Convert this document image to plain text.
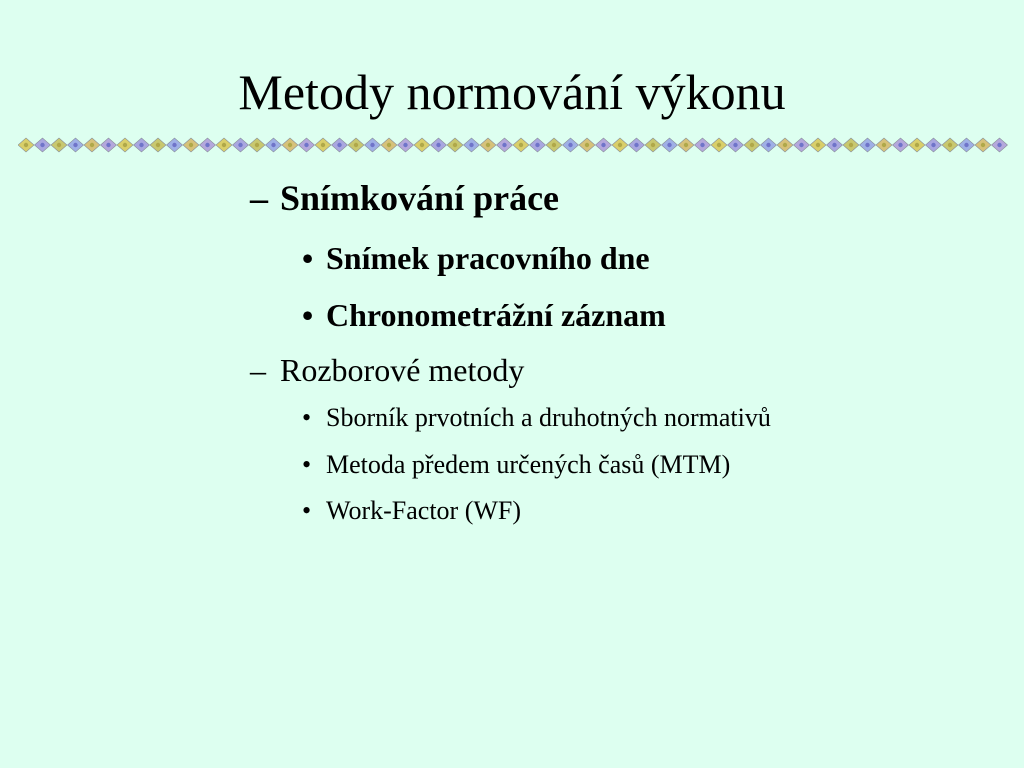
Metody normování výkonu
– Snímkování práce
• Snímek pracovního dne
• Chronometrážní záznam
– Rozborové metody
• Sborník prvotních a druhotných normativů
• Metoda předem určených časů (MTM)
• Work-Factor (WF)
